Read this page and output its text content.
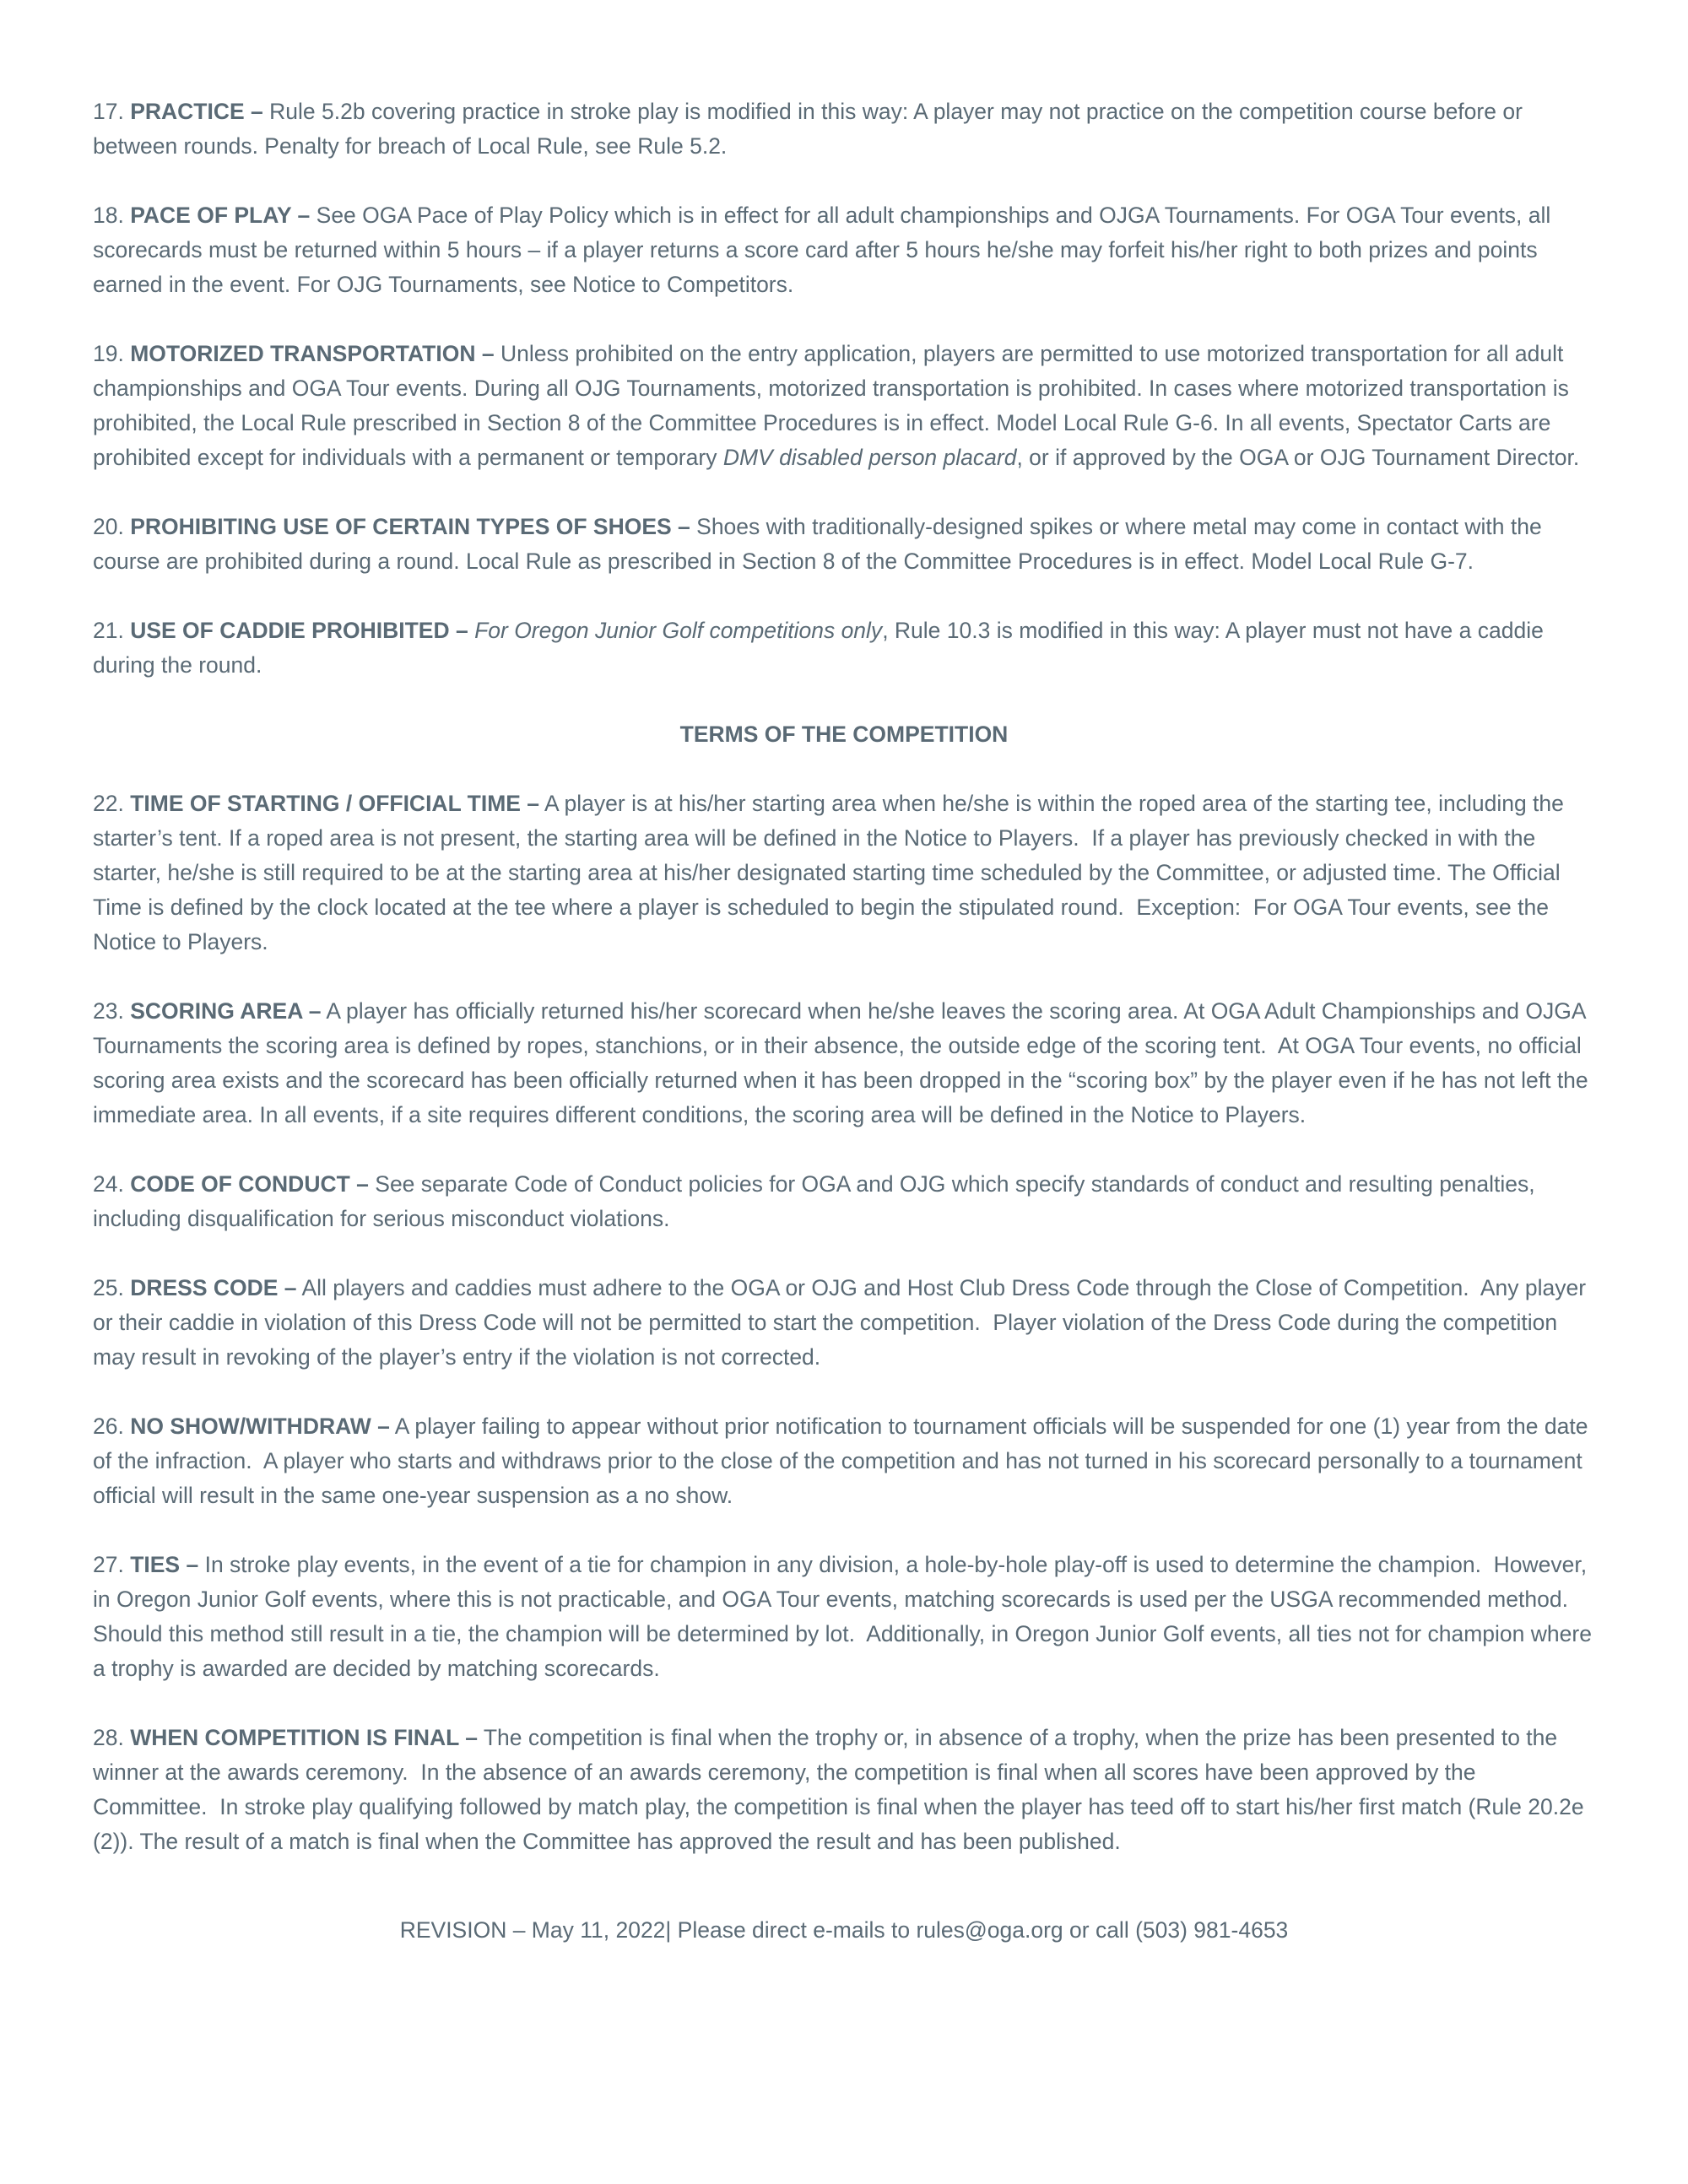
17. PRACTICE – Rule 5.2b covering practice in stroke play is modified in this way: A player may not practice on the competition course before or between rounds. Penalty for breach of Local Rule, see Rule 5.2.

18. PACE OF PLAY – See OGA Pace of Play Policy which is in effect for all adult championships and OJGA Tournaments. For OGA Tour events, all scorecards must be returned within 5 hours – if a player returns a score card after 5 hours he/she may forfeit his/her right to both prizes and points earned in the event. For OJG Tournaments, see Notice to Competitors.

19. MOTORIZED TRANSPORTATION – Unless prohibited on the entry application, players are permitted to use motorized transportation for all adult championships and OGA Tour events. During all OJG Tournaments, motorized transportation is prohibited. In cases where motorized transportation is prohibited, the Local Rule prescribed in Section 8 of the Committee Procedures is in effect. Model Local Rule G-6. In all events, Spectator Carts are prohibited except for individuals with a permanent or temporary DMV disabled person placard, or if approved by the OGA or OJG Tournament Director.

20. PROHIBITING USE OF CERTAIN TYPES OF SHOES – Shoes with traditionally-designed spikes or where metal may come in contact with the course are prohibited during a round. Local Rule as prescribed in Section 8 of the Committee Procedures is in effect. Model Local Rule G-7.

21. USE OF CADDIE PROHIBITED – For Oregon Junior Golf competitions only, Rule 10.3 is modified in this way: A player must not have a caddie during the round.

TERMS OF THE COMPETITION

22. TIME OF STARTING / OFFICIAL TIME – A player is at his/her starting area when he/she is within the roped area of the starting tee, including the starter’s tent. If a roped area is not present, the starting area will be defined in the Notice to Players.  If a player has previously checked in with the starter, he/she is still required to be at the starting area at his/her designated starting time scheduled by the Committee, or adjusted time. The Official Time is defined by the clock located at the tee where a player is scheduled to begin the stipulated round.  Exception:  For OGA Tour events, see the Notice to Players.

23. SCORING AREA – A player has officially returned his/her scorecard when he/she leaves the scoring area. At OGA Adult Championships and OJGA Tournaments the scoring area is defined by ropes, stanchions, or in their absence, the outside edge of the scoring tent.  At OGA Tour events, no official scoring area exists and the scorecard has been officially returned when it has been dropped in the “scoring box” by the player even if he has not left the immediate area. In all events, if a site requires different conditions, the scoring area will be defined in the Notice to Players.

24. CODE OF CONDUCT – See separate Code of Conduct policies for OGA and OJG which specify standards of conduct and resulting penalties, including disqualification for serious misconduct violations.

25. DRESS CODE – All players and caddies must adhere to the OGA or OJG and Host Club Dress Code through the Close of Competition.  Any player or their caddie in violation of this Dress Code will not be permitted to start the competition.  Player violation of the Dress Code during the competition may result in revoking of the player’s entry if the violation is not corrected.

26. NO SHOW/WITHDRAW – A player failing to appear without prior notification to tournament officials will be suspended for one (1) year from the date of the infraction.  A player who starts and withdraws prior to the close of the competition and has not turned in his scorecard personally to a tournament official will result in the same one-year suspension as a no show.

27. TIES – In stroke play events, in the event of a tie for champion in any division, a hole-by-hole play-off is used to determine the champion.  However, in Oregon Junior Golf events, where this is not practicable, and OGA Tour events, matching scorecards is used per the USGA recommended method.  Should this method still result in a tie, the champion will be determined by lot.  Additionally, in Oregon Junior Golf events, all ties not for champion where a trophy is awarded are decided by matching scorecards.

28. WHEN COMPETITION IS FINAL – The competition is final when the trophy or, in absence of a trophy, when the prize has been presented to the winner at the awards ceremony.  In the absence of an awards ceremony, the competition is final when all scores have been approved by the Committee.  In stroke play qualifying followed by match play, the competition is final when the player has teed off to start his/her first match (Rule 20.2e (2)). The result of a match is final when the Committee has approved the result and has been published.

REVISION – May 11, 2022| Please direct e-mails to rules@oga.org or call (503) 981-4653
